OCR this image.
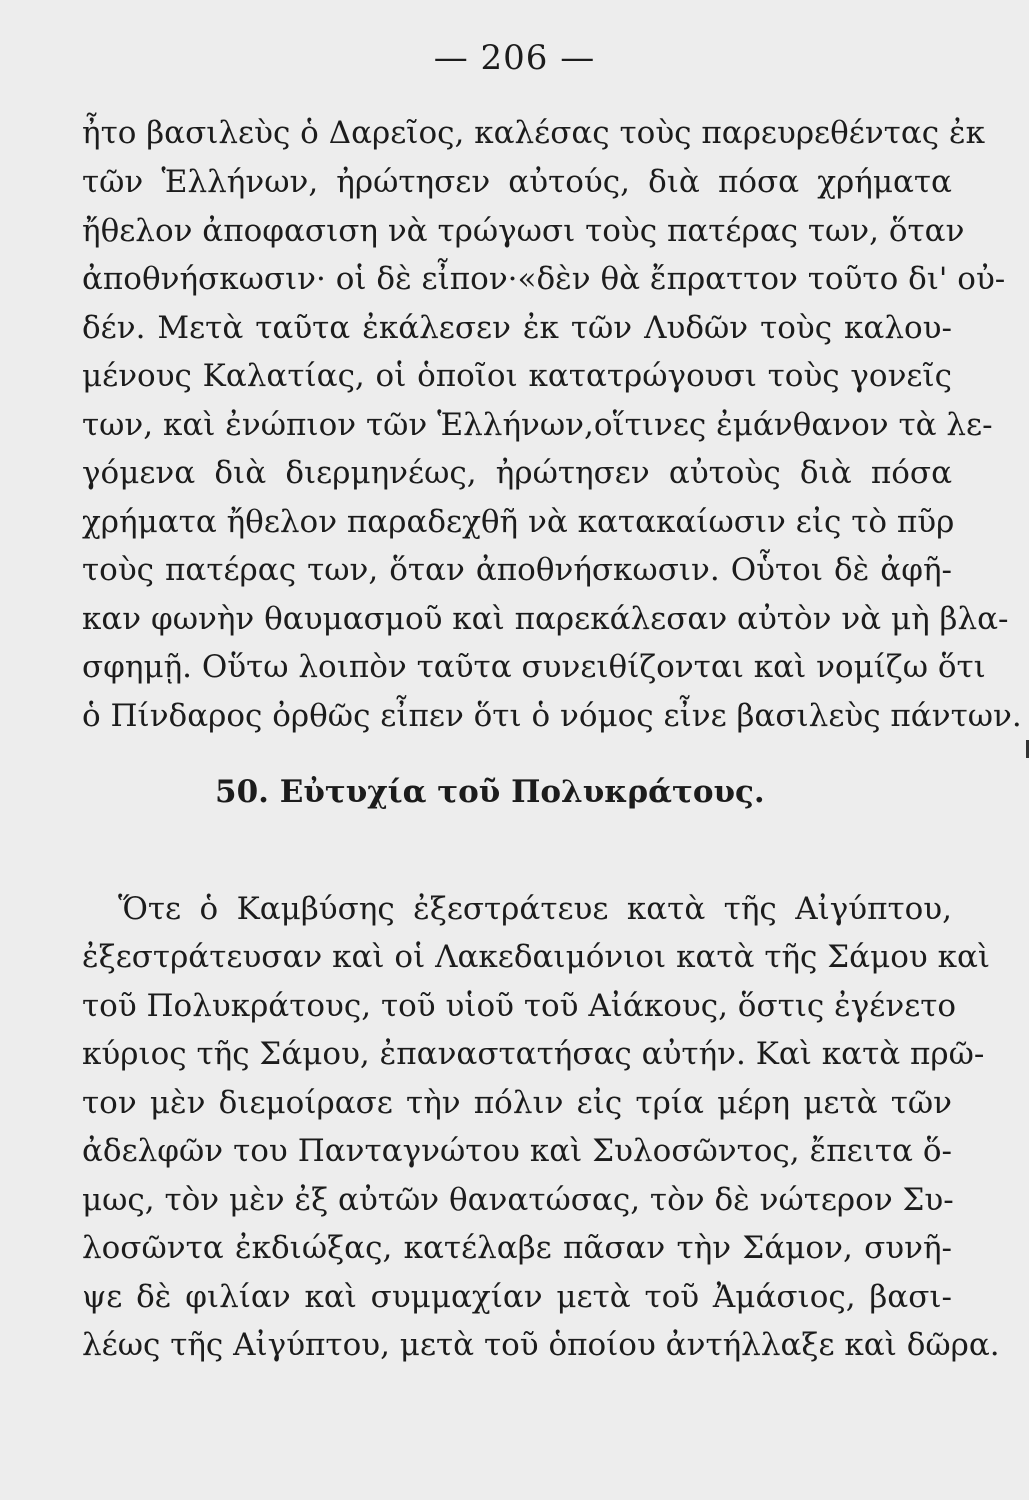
— 206 —
ἦτο βασιλεὺς ὁ Δαρεῖος, καλέσας τοὺς παρευρεθέντας ἐκ
τῶν Ἑλλήνων, ἠρώτησεν αὐτούς, διὰ πόσα χρήματα
ἤθελον ἀποφασιση νὰ τρώγωσι τοὺς πατέρας των, ὅταν
ἀποθνήσκωσιν· οἱ δὲ εἶπον·«δὲν θὰ ἔπραττον τοῦτο δι' οὐ-
δέν. Μετὰ ταῦτα ἐκάλεσεν ἐκ τῶν Λυδῶν τοὺς καλου-
μένους Καλατίας, οἱ ὁποῖοι κατατρώγουσι τοὺς γονεῖς
των, καὶ ἐνώπιον τῶν Ἑλλήνων,οἵτινες ἐμάνθανον τὰ λε-
γόμενα διὰ διερμηνέως, ἠρώτησεν αὐτοὺς διὰ πόσα
χρήματα ἤθελον παραδεχθῆ νὰ κατακαίωσιν εἰς τὸ πῦρ
τοὺς πατέρας των, ὅταν ἀποθνήσκωσιν. Οὗτοι δὲ ἀφῆ-
καν φωνὴν θαυμασμοῦ καὶ παρεκάλεσαν αὐτὸν νὰ μὴ βλα-
σφημῇ. Οὕτω λοιπὸν ταῦτα συνειθίζονται καὶ νομίζω ὅτι
ὁ Πίνδαρος ὀρθῶς εἶπεν ὅτι ὁ νόμος εἶνε βασιλεὺς πάντων.
50. Εὐτυχία τοῦ Πολυκράτους.
Ὅτε ὁ Καμβύσης ἐξεστράτευε κατὰ τῆς Αἰγύπτου,
ἐξεστράτευσαν καὶ οἱ Λακεδαιμόνιοι κατὰ τῆς Σάμου καὶ
τοῦ Πολυκράτους, τοῦ υἱοῦ τοῦ Αἰάκους, ὅστις ἐγένετο
κύριος τῆς Σάμου, ἐπαναστατήσας αὐτήν. Καὶ κατὰ πρῶ-
τον μὲν διεμοίρασε τὴν πόλιν εἰς τρία μέρη μετὰ τῶν
ἀδελφῶν του Πανταγνώτου καὶ Συλοσῶντος, ἔπειτα ὅ-
μως, τὸν μὲν ἐξ αὐτῶν θανατώσας, τὸν δὲ νώτερον Συ-
λοσῶντα ἐκδιώξας, κατέλαβε πᾶσαν τὴν Σάμον, συνῆ-
ψε δὲ φιλίαν καὶ συμμαχίαν μετὰ τοῦ Ἀμάσιος, βασι-
λέως τῆς Αἰγύπτου, μετὰ τοῦ ὁποίου ἀντήλλαξε καὶ δῶρα.
